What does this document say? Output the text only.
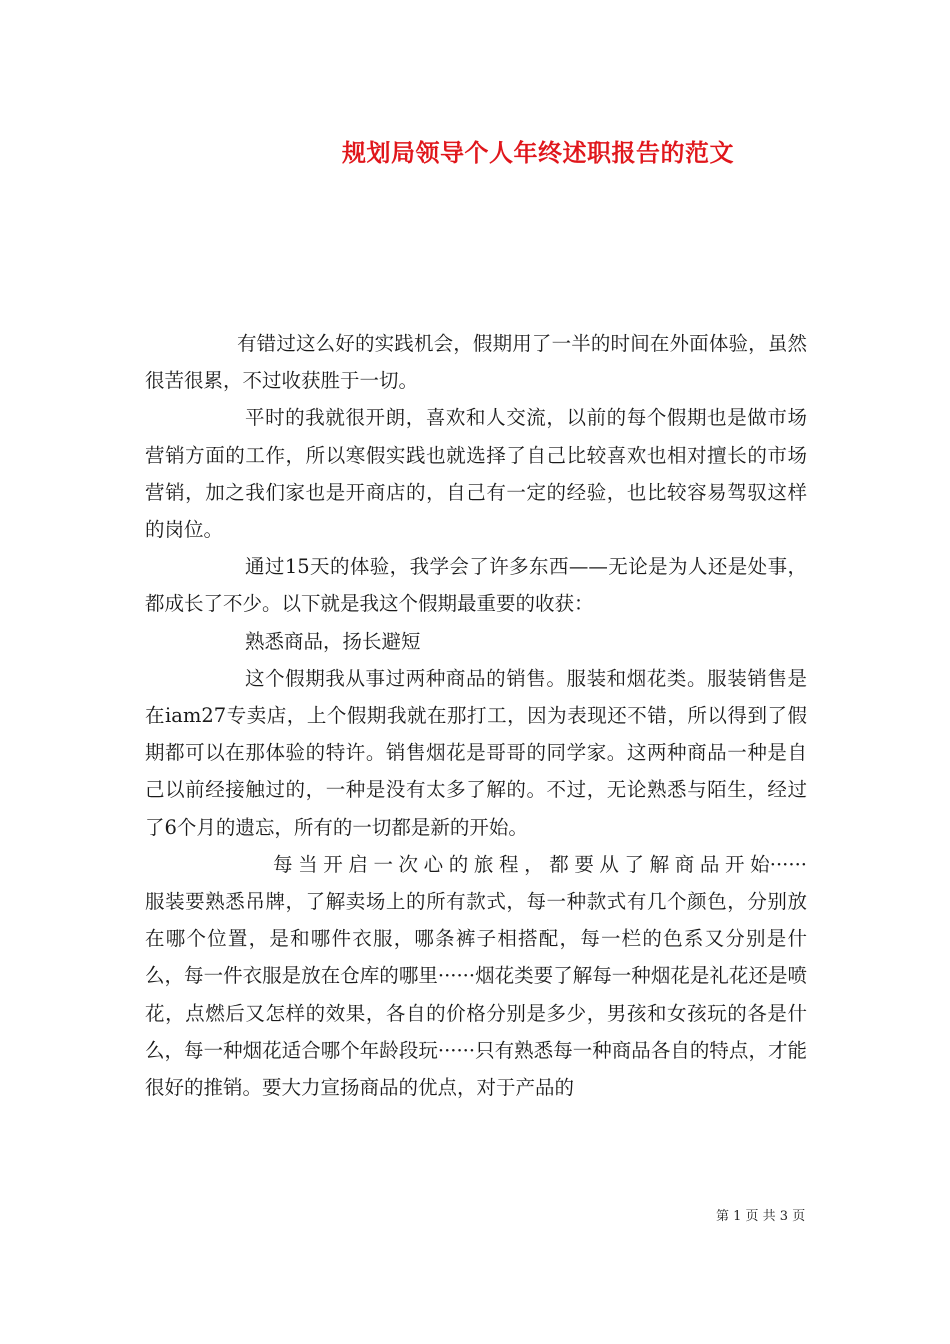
规划局领导个人年终述职报告的范文

有错过这么好的实践机会，假期用了一半的时间在外面体验，虽然很苦很累，不过收获胜于一切。

平时的我就很开朗，喜欢和人交流，以前的每个假期也是做市场营销方面的工作，所以寒假实践也就选择了自己比较喜欢也相对擅长的市场营销，加之我们家也是开商店的，自己有一定的经验，也比较容易驾驭这样的岗位。

通过15天的体验，我学会了许多东西——无论是为人还是处事，都成长了不少。以下就是我这个假期最重要的收获：

熟悉商品，扬长避短

这个假期我从事过两种商品的销售。服装和烟花类。服装销售是在iam27专卖店，上个假期我就在那打工，因为表现还不错，所以得到了假期都可以在那体验的特许。销售烟花是哥哥的同学家。这两种商品一种是自己以前经接触过的，一种是没有太多了解的。不过，无论熟悉与陌生，经过了6个月的遗忘，所有的一切都是新的开始。

每当开启一次心的旅程，都要从了解商品开始······服装要熟悉吊牌，了解卖场上的所有款式，每一种款式有几个颜色，分别放在哪个位置，是和哪件衣服，哪条裤子相搭配，每一栏的色系又分别是什么，每一件衣服是放在仓库的哪里······烟花类要了解每一种烟花是礼花还是喷花，点燃后又怎样的效果，各自的价格分别是多少，男孩和女孩玩的各是什么，每一种烟花适合哪个年龄段玩······只有熟悉每一种商品各自的特点，才能很好的推销。要大力宣扬商品的优点，对于产品的

第 1 页 共 3 页
